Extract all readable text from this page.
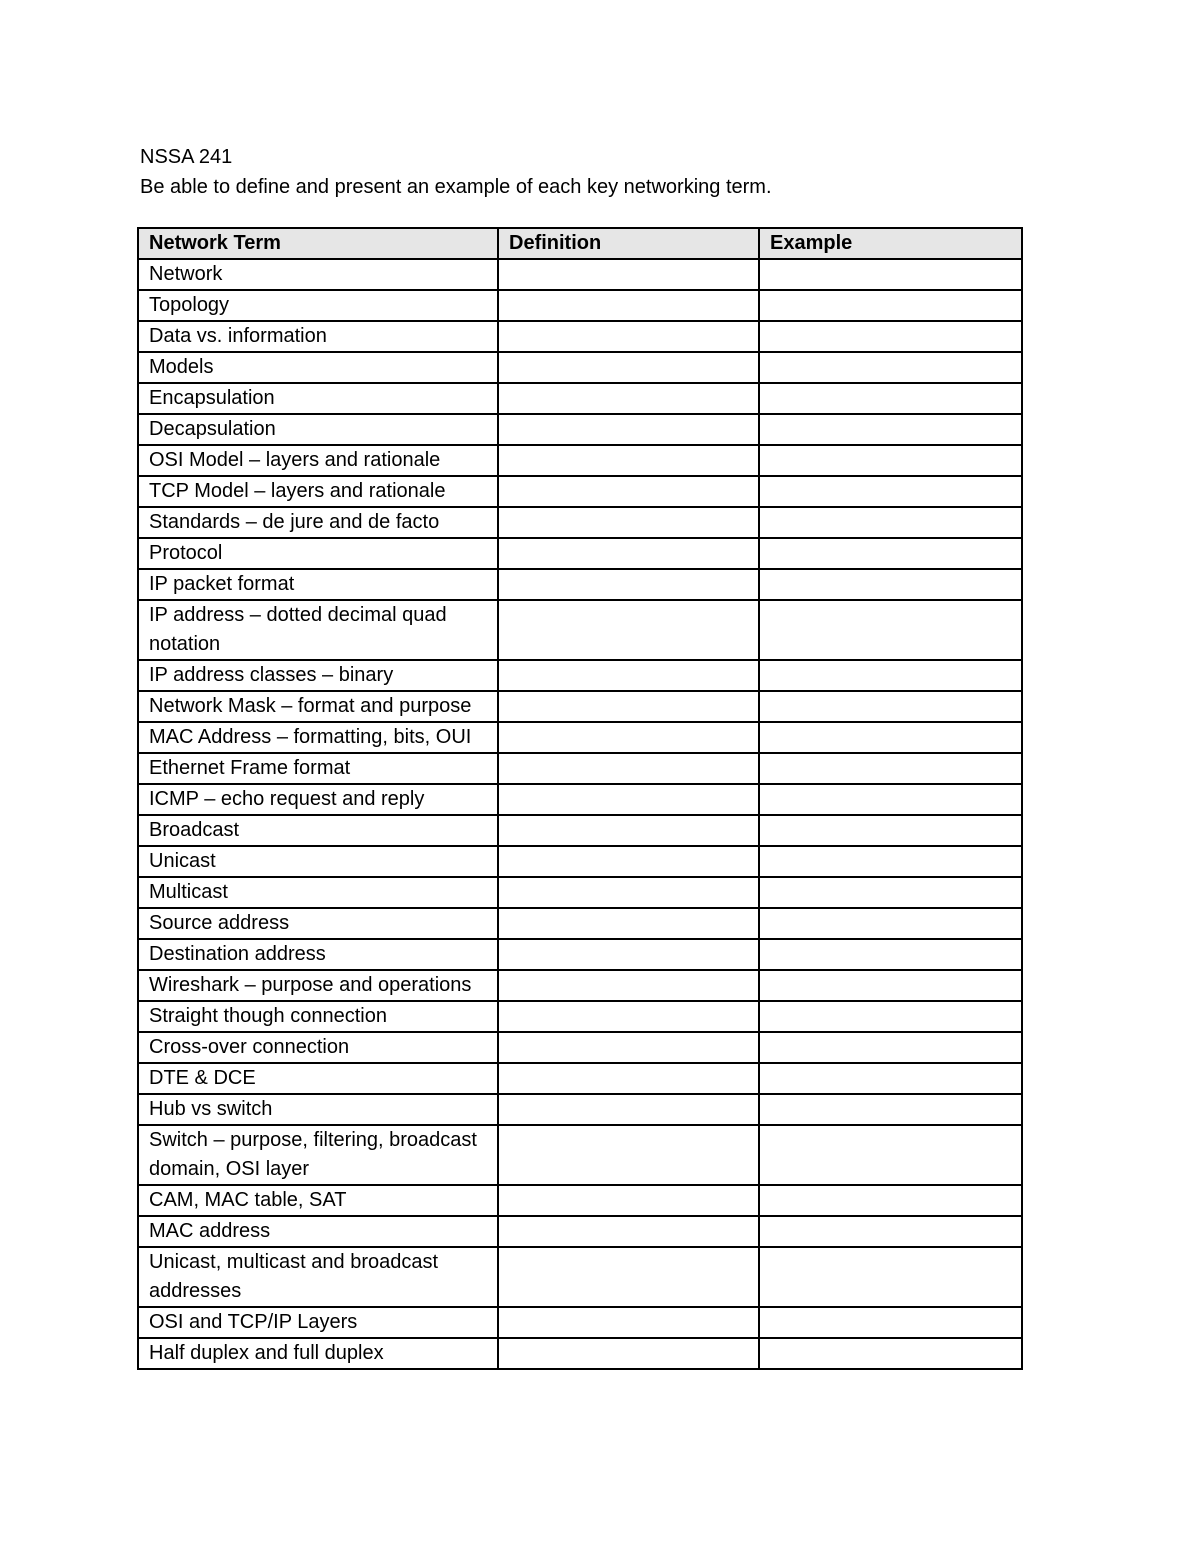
NSSA 241

Be able to define and present an example of each key networking term.

Network Term	Definition	Example
Network		
Topology		
Data vs. information		
Models		
Encapsulation		
Decapsulation		
OSI Model – layers and rationale		
TCP Model – layers and rationale		
Standards – de jure and de facto		
Protocol		
IP packet format		
IP address – dotted decimal quad notation		
IP address classes – binary		
Network Mask – format and purpose		
MAC Address – formatting, bits, OUI		
Ethernet Frame format		
ICMP – echo request and reply		
Broadcast		
Unicast		
Multicast		
Source address		
Destination address		
Wireshark – purpose and operations		
Straight though connection		
Cross-over connection		
DTE & DCE		
Hub vs switch		
Switch – purpose, filtering, broadcast domain, OSI layer		
CAM, MAC table, SAT		
MAC address		
Unicast, multicast and broadcast addresses		
OSI and TCP/IP Layers		
Half duplex and full duplex		
